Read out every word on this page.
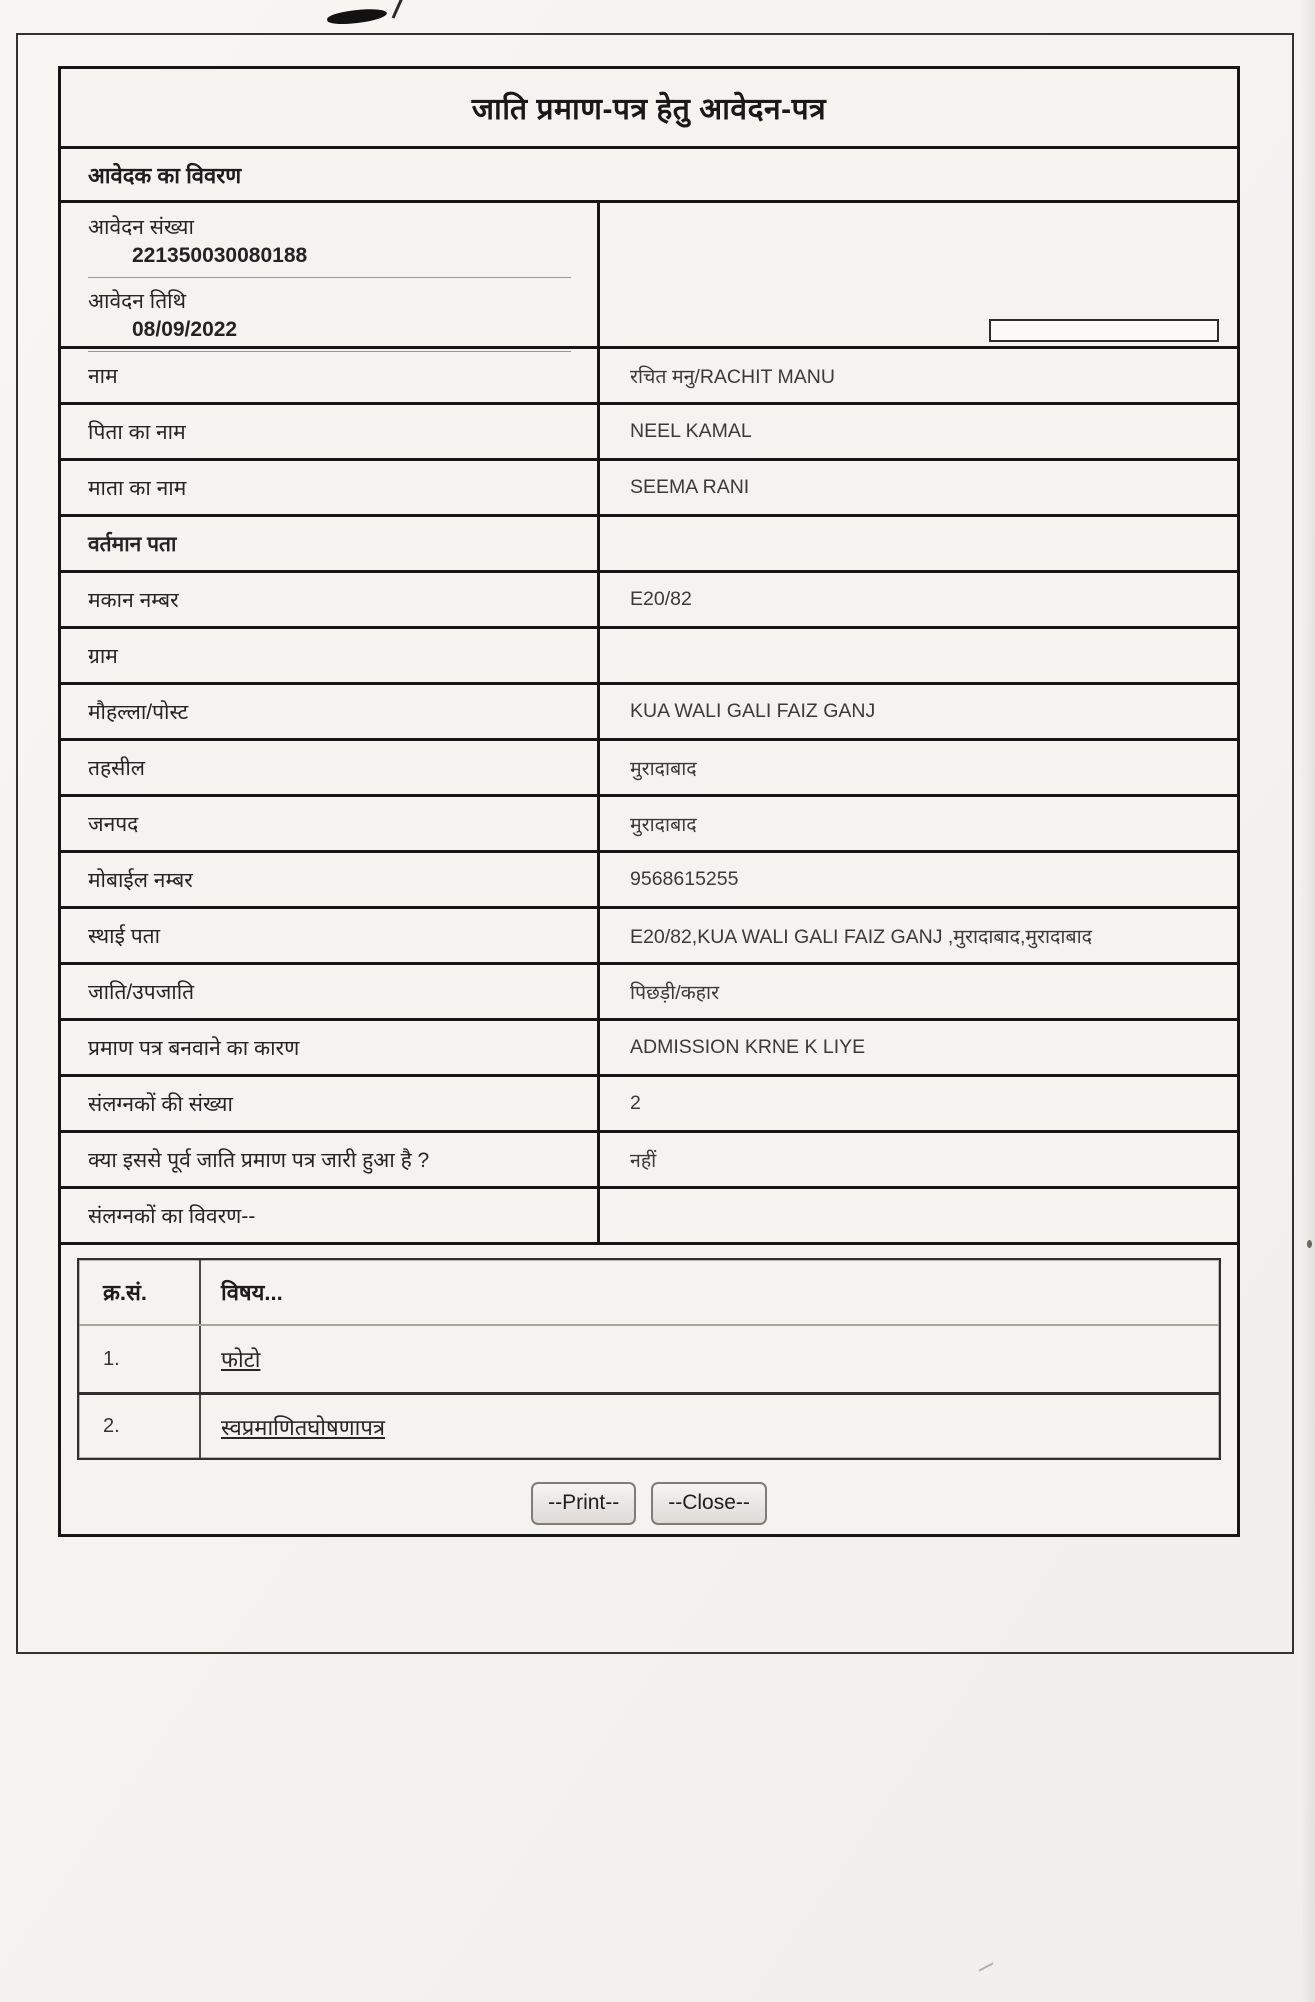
जाति प्रमाण-पत्र हेतु आवेदन-पत्र
आवेदक का विवरण
आवेदन संख्या
221350030080188
आवेदन तिथि
08/09/2022
नाम	रचित मनु/RACHIT MANU
पिता का नाम	NEEL KAMAL
माता का नाम	SEEMA RANI
वर्तमान पता
मकान नम्बर	E20/82
ग्राम
मौहल्ला/पोस्ट	KUA WALI GALI FAIZ GANJ
तहसील	मुरादाबाद
जनपद	मुरादाबाद
मोबाईल नम्बर	9568615255
स्थाई पता	E20/82,KUA WALI GALI FAIZ GANJ ,मुरादाबाद,मुरादाबाद
जाति/उपजाति	पिछड़ी/कहार
प्रमाण पत्र बनवाने का कारण	ADMISSION KRNE K LIYE
संलग्नकों की संख्या	2
क्या इससे पूर्व जाति प्रमाण पत्र जारी हुआ है ?	नहीं
संलग्नकों का विवरण--
क्र.सं.	विषय...
1.	फोटो
2.	स्वप्रमाणितघोषणापत्र
--Print--	--Close--
